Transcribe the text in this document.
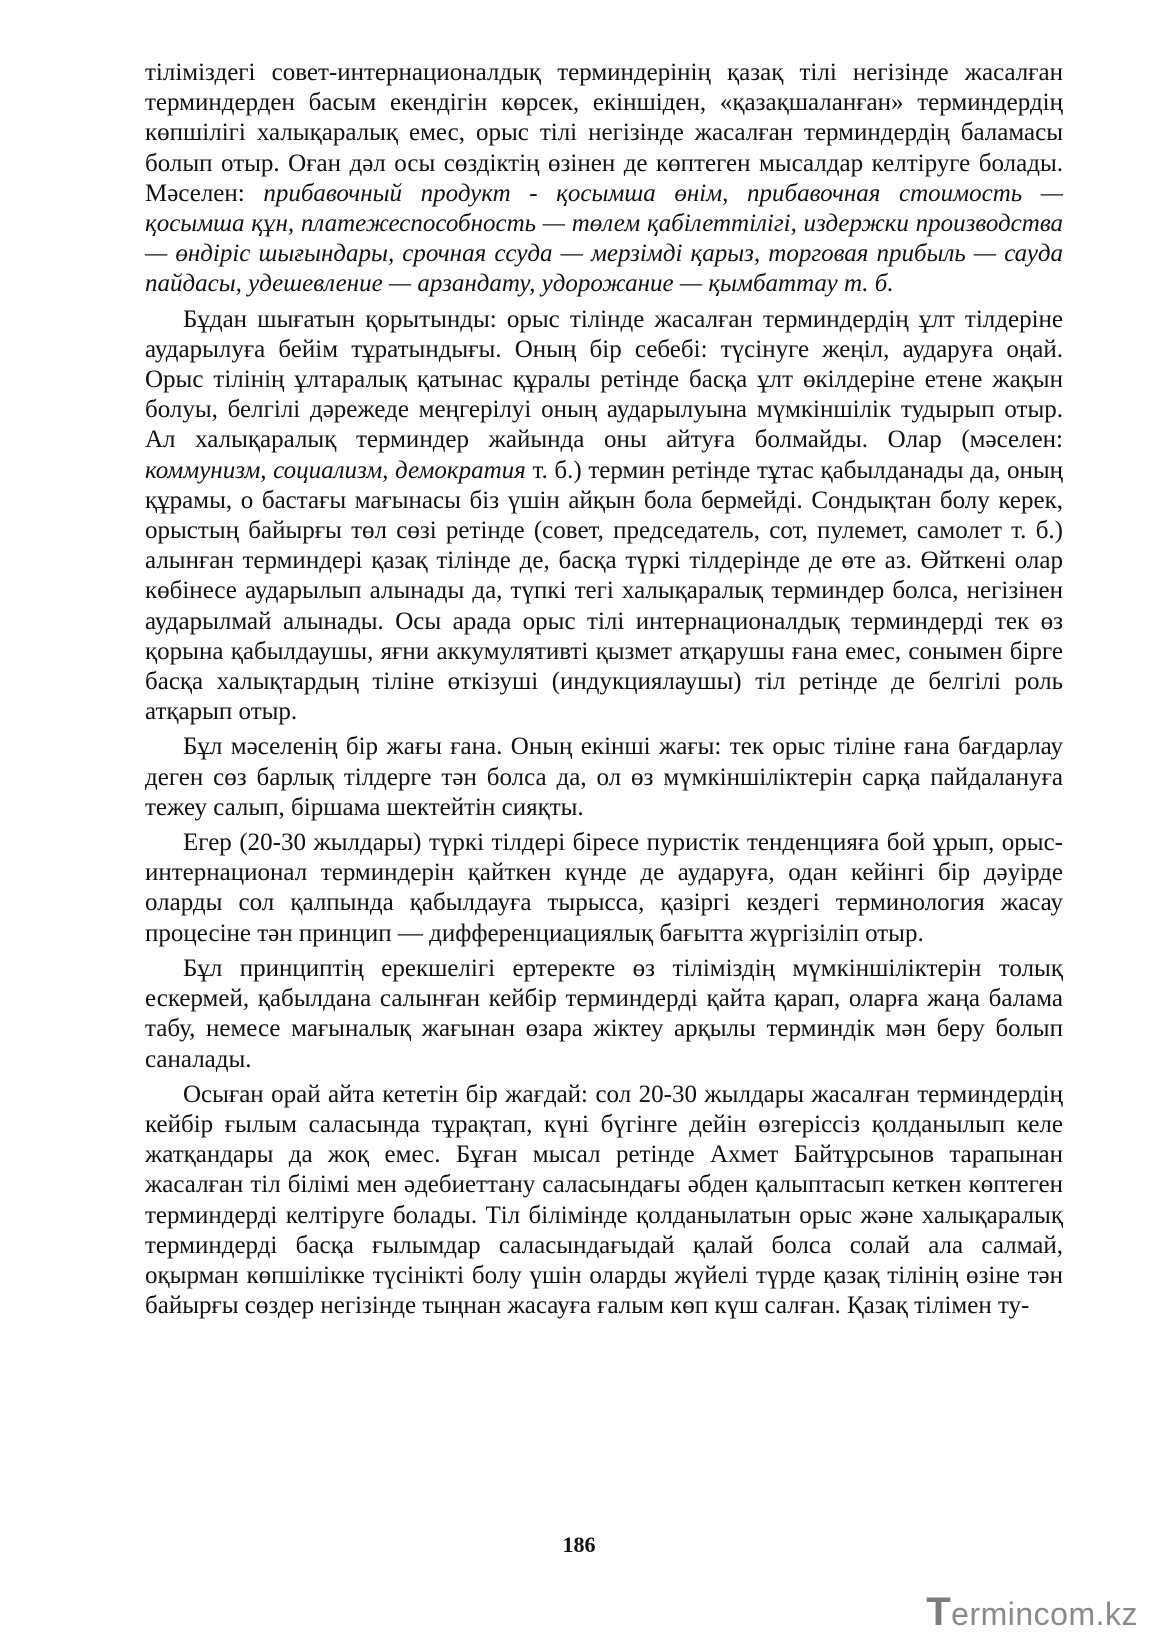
тіліміздегі совет-интернационалдық терминдерінің қазақ тілі негізінде жасалған терминдерден басым екендігін көрсек, екіншіден, «қазақшаланған» терминдердің көпшілігі халықаралық емес, орыс тілі негізінде жасалған терминдердің баламасы болып отыр. Оған дәл осы сөздіктің өзінен де көптеген мысалдар келтіруге болады. Мәселен: прибавочный продукт - қосымша өнім, прибавочная стоимость — қосымша құн, платежеспособность — төлем қабілеттілігі, издержки производства — өндіріс шығындары, срочная ссуда — мерзімді қарыз, торговая прибыль — сауда пайдасы, удешевление — арзандату, удорожание — қымбаттау т. б.

Бұдан шығатын қорытынды: орыс тілінде жасалған терминдердің ұлт тілдеріне аударылуға бейім тұратындығы. Оның бір себебі: түсінуге жеңіл, аударуға оңай. Орыс тілінің ұлтаралық қатынас құралы ретінде басқа ұлт өкілдеріне етене жақын болуы, белгілі дәрежеде меңгерілуі оның аударылуына мүмкіншілік тудырып отыр. Ал халықаралық терминдер жайында оны айтуға болмайды. Олар (мәселен: коммунизм, социализм, демократия т. б.) термин ретінде тұтас қабылданады да, оның құрамы, о бастағы мағынасы біз үшін айқын бола бермейді. Сондықтан болу керек, орыстың байырғы төл сөзі ретінде (совет, председатель, сот, пулемет, самолет т. б.) алынған терминдері қазақ тілінде де, басқа түркі тілдерінде де өте аз. Өйткені олар көбінесе аударылып алынады да, түпкі тегі халықаралық терминдер болса, негізінен аударылмай алынады. Осы арада орыс тілі интернационалдық терминдерді тек өз қорына қабылдаушы, яғни аккумулятивті қызмет атқарушы ғана емес, сонымен бірге басқа халықтардың тіліне өткізуші (индукциялаушы) тіл ретінде де белгілі роль атқарып отыр.

Бұл мәселенің бір жағы ғана. Оның екінші жағы: тек орыс тіліне ғана бағдарлау деген сөз барлық тілдерге тән болса да, ол өз мүмкіншіліктерін сарқа пайдалануға тежеу салып, біршама шектейтін сияқты.

Егер (20-30 жылдары) түркі тілдері біресе пуристік тенденцияға бой ұрып, орыс-интернационал терминдерін қайткен күнде де аударуға, одан кейінгі бір дәуірде оларды сол қалпында қабылдауға тырысса, қазіргі кездегі терминология жасау процесіне тән принцип — дифференциациялық бағытта жүргізіліп отыр.

Бұл принциптің ерекшелігі ертеректе өз тіліміздің мүмкіншіліктерін толық ескермей, қабылдана салынған кейбір терминдерді қайта қарап, оларға жаңа балама табу, немесе мағыналық жағынан өзара жіктеу арқылы терминдік мән беру болып саналады.

Осыған орай айта кететін бір жағдай: сол 20-30 жылдары жасалған терминдердің кейбір ғылым саласында тұрақтап, күні бүгінге дейін өзгеріссіз қолданылып келе жатқандары да жоқ емес. Бұған мысал ретінде Ахмет Байтұрсынов тарапынан жасалған тіл білімі мен әдебиеттану саласындағы әбден қалыптасып кеткен көптеген терминдерді келтіруге болады. Тіл білімінде қолданылатын орыс және халықаралық терминдерді басқа ғылымдар саласындағыдай қалай болса солай ала салмай, оқырман көпшілікке түсінікті болу үшін оларды жүйелі түрде қазақ тілінің өзіне тән байырғы сөздер негізінде тыңнан жасауға ғалым көп күш салған. Қазақ тілімен ту-

186
Termincom.kz
